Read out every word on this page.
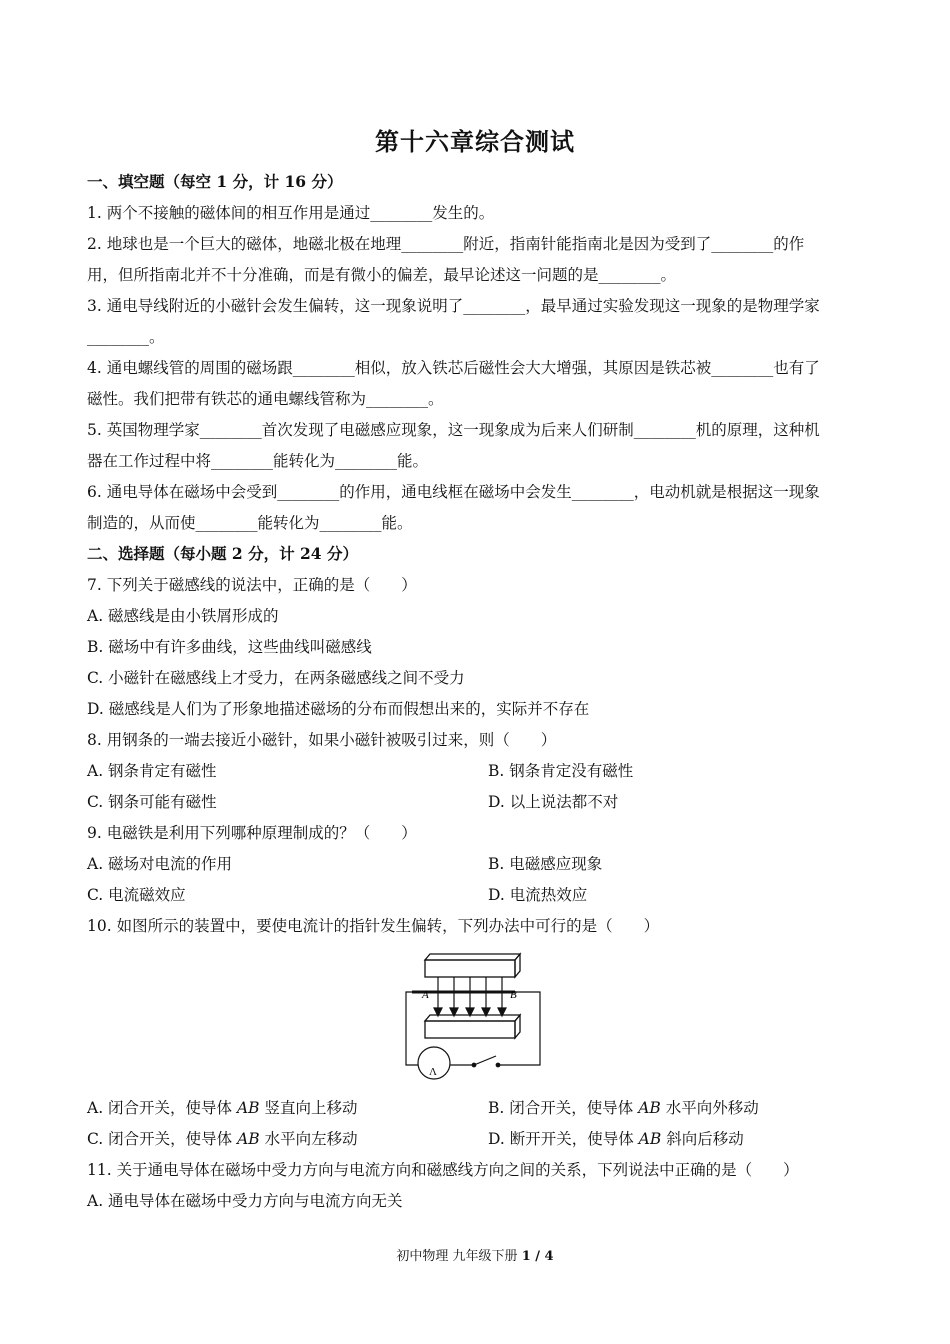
第十六章综合测试
一、填空题（每空 1 分，计 16 分）
1. 两个不接触的磁体间的相互作用是通过________发生的。
2. 地球也是一个巨大的磁体，地磁北极在地理________附近，指南针能指南北是因为受到了________的作
用，但所指南北并不十分准确，而是有微小的偏差，最早论述这一问题的是________。
3. 通电导线附近的小磁针会发生偏转，这一现象说明了________，最早通过实验发现这一现象的是物理学家
________。
4. 通电螺线管的周围的磁场跟________相似，放入铁芯后磁性会大大增强，其原因是铁芯被________也有了
磁性。我们把带有铁芯的通电螺线管称为________。
5. 英国物理学家________首次发现了电磁感应现象，这一现象成为后来人们研制________机的原理，这种机
器在工作过程中将________能转化为________能。
6. 通电导体在磁场中会受到________的作用，通电线框在磁场中会发生________，电动机就是根据这一现象
制造的，从而使________能转化为________能。
二、选择题（每小题 2 分，计 24 分）
7. 下列关于磁感线的说法中，正确的是（　　）
A. 磁感线是由小铁屑形成的
B. 磁场中有许多曲线，这些曲线叫磁感线
C. 小磁针在磁感线上才受力，在两条磁感线之间不受力
D. 磁感线是人们为了形象地描述磁场的分布而假想出来的，实际并不存在
8. 用钢条的一端去接近小磁针，如果小磁针被吸引过来，则（　　）
A. 钢条肯定有磁性	B. 钢条肯定没有磁性
C. 钢条可能有磁性	D. 以上说法都不对
9. 电磁铁是利用下列哪种原理制成的？（　　）
A. 磁场对电流的作用	B. 电磁感应现象
C. 电流磁效应	D. 电流热效应
10. 如图所示的装置中，要使电流计的指针发生偏转，下列办法中可行的是（　　）
A	B
Λ
A. 闭合开关，使导体 AB 竖直向上移动	B. 闭合开关，使导体 AB 水平向外移动
C. 闭合开关，使导体 AB 水平向左移动	D. 断开开关，使导体 AB 斜向后移动
11. 关于通电导体在磁场中受力方向与电流方向和磁感线方向之间的关系，下列说法中正确的是（　　）
A. 通电导体在磁场中受力方向与电流方向无关
初中物理 九年级下册 1 / 4
